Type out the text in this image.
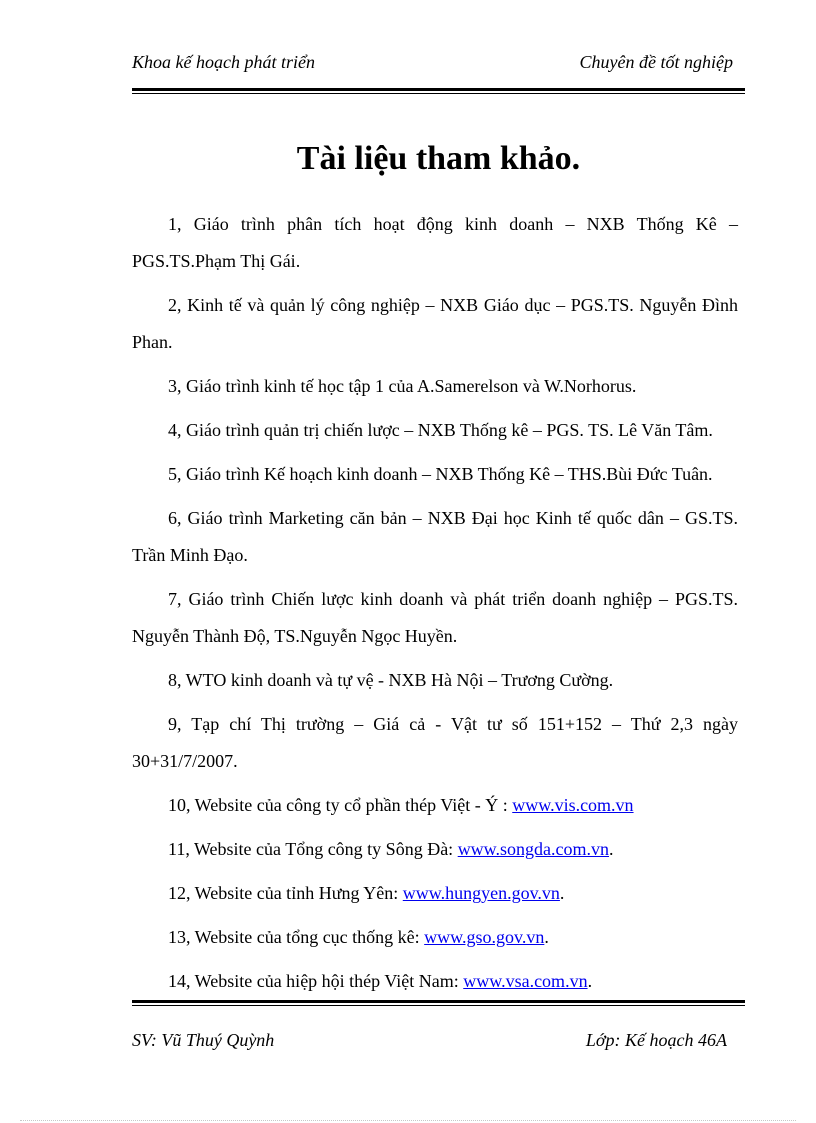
Khoa kế hoạch phát triển	Chuyên đề tốt nghiệp
Tài liệu tham khảo.
1, Giáo trình phân tích hoạt động kinh doanh – NXB Thống Kê – PGS.TS.Phạm Thị Gái.
2, Kinh tế và quản lý công nghiệp – NXB Giáo dục – PGS.TS. Nguyễn Đình Phan.
3, Giáo trình kinh tế học tập 1 của A.Samerelson và W.Norhorus.
4, Giáo trình quản trị chiến lược – NXB Thống kê – PGS. TS. Lê Văn Tâm.
5, Giáo trình Kế hoạch kinh doanh – NXB Thống Kê – THS.Bùi Đức Tuân.
6, Giáo trình Marketing căn bản – NXB Đại học Kinh tế quốc dân – GS.TS. Trần Minh Đạo.
7, Giáo trình Chiến lược kinh doanh và phát triển doanh nghiệp – PGS.TS. Nguyễn Thành Độ, TS.Nguyễn Ngọc Huyền.
8, WTO kinh doanh và tự vệ - NXB Hà Nội – Trương Cường.
9, Tạp chí Thị trường – Giá cả - Vật tư số 151+152 – Thứ 2,3 ngày 30+31/7/2007.
10, Website của công ty cổ phần thép Việt - Ý : www.vis.com.vn
11, Website của Tổng công ty Sông Đà: www.songda.com.vn.
12, Website của tỉnh Hưng Yên: www.hungyen.gov.vn.
13, Website của tổng cục thống kê: www.gso.gov.vn.
14, Website của hiệp hội thép Việt Nam: www.vsa.com.vn.
SV: Vũ Thuý Quỳnh	Lớp: Kế hoạch 46A
